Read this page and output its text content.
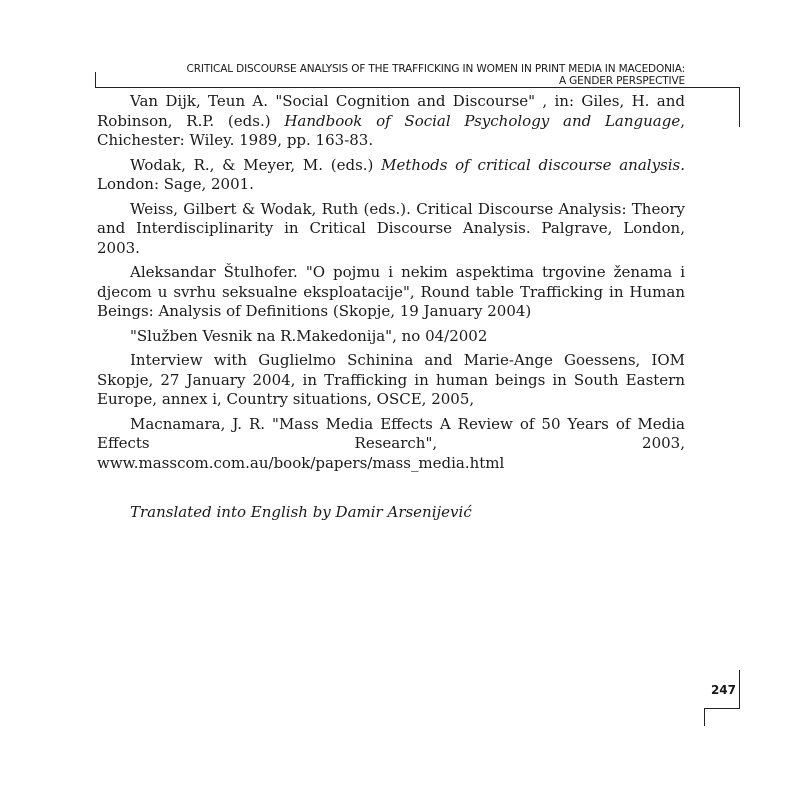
CRITICAL DISCOURSE ANALYSIS OF THE TRAFFICKING IN WOMEN IN PRINT MEDIA IN MACEDONIA:
A GENDER PERSPECTIVE

Van Dijk, Teun A. "Social Cognition and Discourse" , in: Giles, H. and Robinson, R.P. (eds.) Handbook of Social Psychology and Language, Chichester: Wiley. 1989, pp. 163-83.

Wodak, R., & Meyer, M. (eds.) Methods of critical discourse analysis. London: Sage, 2001.

Weiss, Gilbert & Wodak, Ruth (eds.). Critical Discourse Analysis: Theory and Interdisciplinarity in Critical Discourse Analysis. Palgrave, London, 2003.

Aleksandar Štulhofer. "O pojmu i nekim aspektima trgovine ženama i djecom u svrhu seksualne eksploatacije", Round table Trafficking in Human Beings: Analysis of Definitions (Skopje, 19 January 2004)

"Služben Vesnik na R.Makedonija", no 04/2002

Interview with Guglielmo Schinina and Marie-Ange Goessens, IOM Skopje, 27 January 2004, in Trafficking in human beings in South Eastern Europe, annex i, Country situations, OSCE, 2005,

Macnamara, J. R. "Mass Media Effects A Review of 50 Years of Media Effects Research", 2003, www.masscom.com.au/book/papers/mass_media.html

Translated into English by Damir Arsenijević
247
